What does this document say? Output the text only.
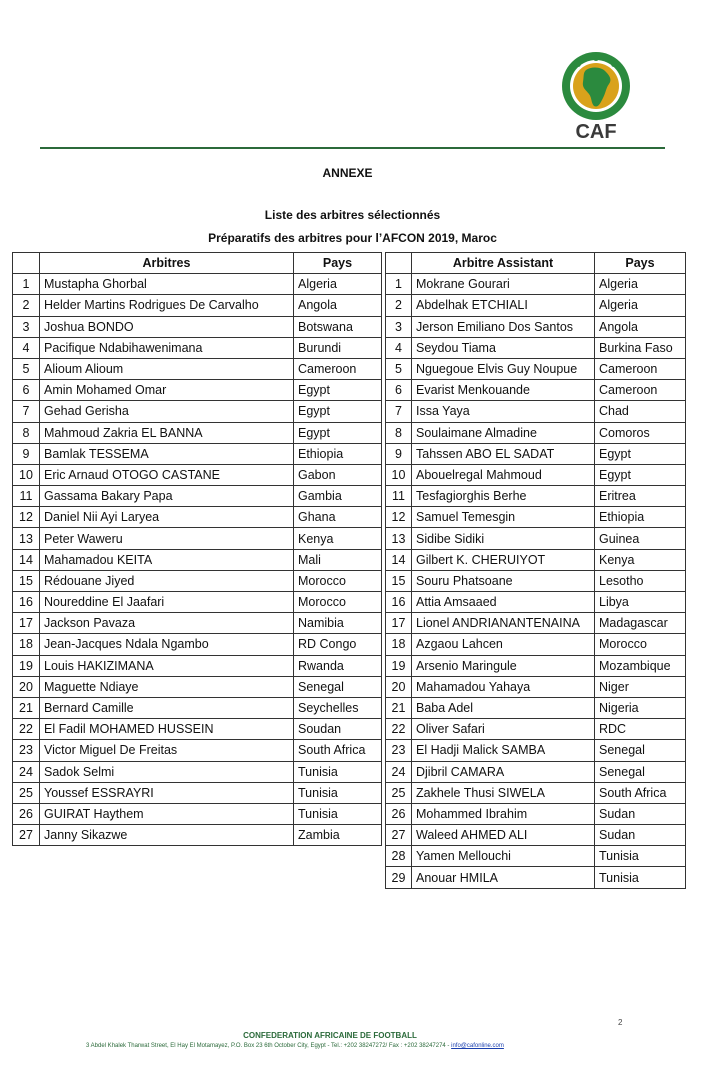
CAF
ANNEXE
Liste des arbitres sélectionnés
Préparatifs des arbitres pour l’AFCON 2019, Maroc
	Arbitres	Pays
1	Mustapha Ghorbal	Algeria
2	Helder Martins Rodrigues De Carvalho	Angola
3	Joshua BONDO	Botswana
4	Pacifique Ndabihawenimana	Burundi
5	Alioum Alioum	Cameroon
6	Amin Mohamed Omar	Egypt
7	Gehad Gerisha	Egypt
8	Mahmoud Zakria EL BANNA	Egypt
9	Bamlak TESSEMA	Ethiopia
10	Eric Arnaud OTOGO CASTANE	Gabon
11	Gassama Bakary Papa	Gambia
12	Daniel Nii Ayi Laryea	Ghana
13	Peter Waweru	Kenya
14	Mahamadou KEITA	Mali
15	Rédouane Jiyed	Morocco
16	Noureddine El Jaafari	Morocco
17	Jackson Pavaza	Namibia
18	Jean-Jacques Ndala Ngambo	RD Congo
19	Louis HAKIZIMANA	Rwanda
20	Maguette Ndiaye	Senegal
21	Bernard Camille	Seychelles
22	El Fadil MOHAMED HUSSEIN	Soudan
23	Victor Miguel De Freitas	South Africa
24	Sadok Selmi	Tunisia
25	Youssef ESSRAYRI	Tunisia
26	GUIRAT Haythem	Tunisia
27	Janny Sikazwe	Zambia
	Arbitre Assistant	Pays
1	Mokrane Gourari	Algeria
2	Abdelhak ETCHIALI	Algeria
3	Jerson Emiliano Dos Santos	Angola
4	Seydou Tiama	Burkina Faso
5	Nguegoue Elvis Guy Noupue	Cameroon
6	Evarist Menkouande	Cameroon
7	Issa Yaya	Chad
8	Soulaimane Almadine	Comoros
9	Tahssen ABO EL SADAT	Egypt
10	Abouelregal Mahmoud	Egypt
11	Tesfagiorghis Berhe	Eritrea
12	Samuel Temesgin	Ethiopia
13	Sidibe Sidiki	Guinea
14	Gilbert K. CHERUIYOT	Kenya
15	Souru Phatsoane	Lesotho
16	Attia Amsaaed	Libya
17	Lionel ANDRIANANTENAINA	Madagascar
18	Azgaou Lahcen	Morocco
19	Arsenio Maringule	Mozambique
20	Mahamadou Yahaya	Niger
21	Baba Adel	Nigeria
22	Oliver Safari	RDC
23	El Hadji Malick SAMBA	Senegal
24	Djibril CAMARA	Senegal
25	Zakhele Thusi SIWELA	South Africa
26	Mohammed Ibrahim	Sudan
27	Waleed AHMED ALI	Sudan
28	Yamen Mellouchi	Tunisia
29	Anouar HMILA	Tunisia
2
CONFEDERATION AFRICAINE DE FOOTBALL
3 Abdel Khalek Tharwat Street, El Hay El Motamayez, P.O. Box 23 6th October City, Egypt - Tel.: +202 38247272/ Fax : +202 38247274 - info@cafonline.com
